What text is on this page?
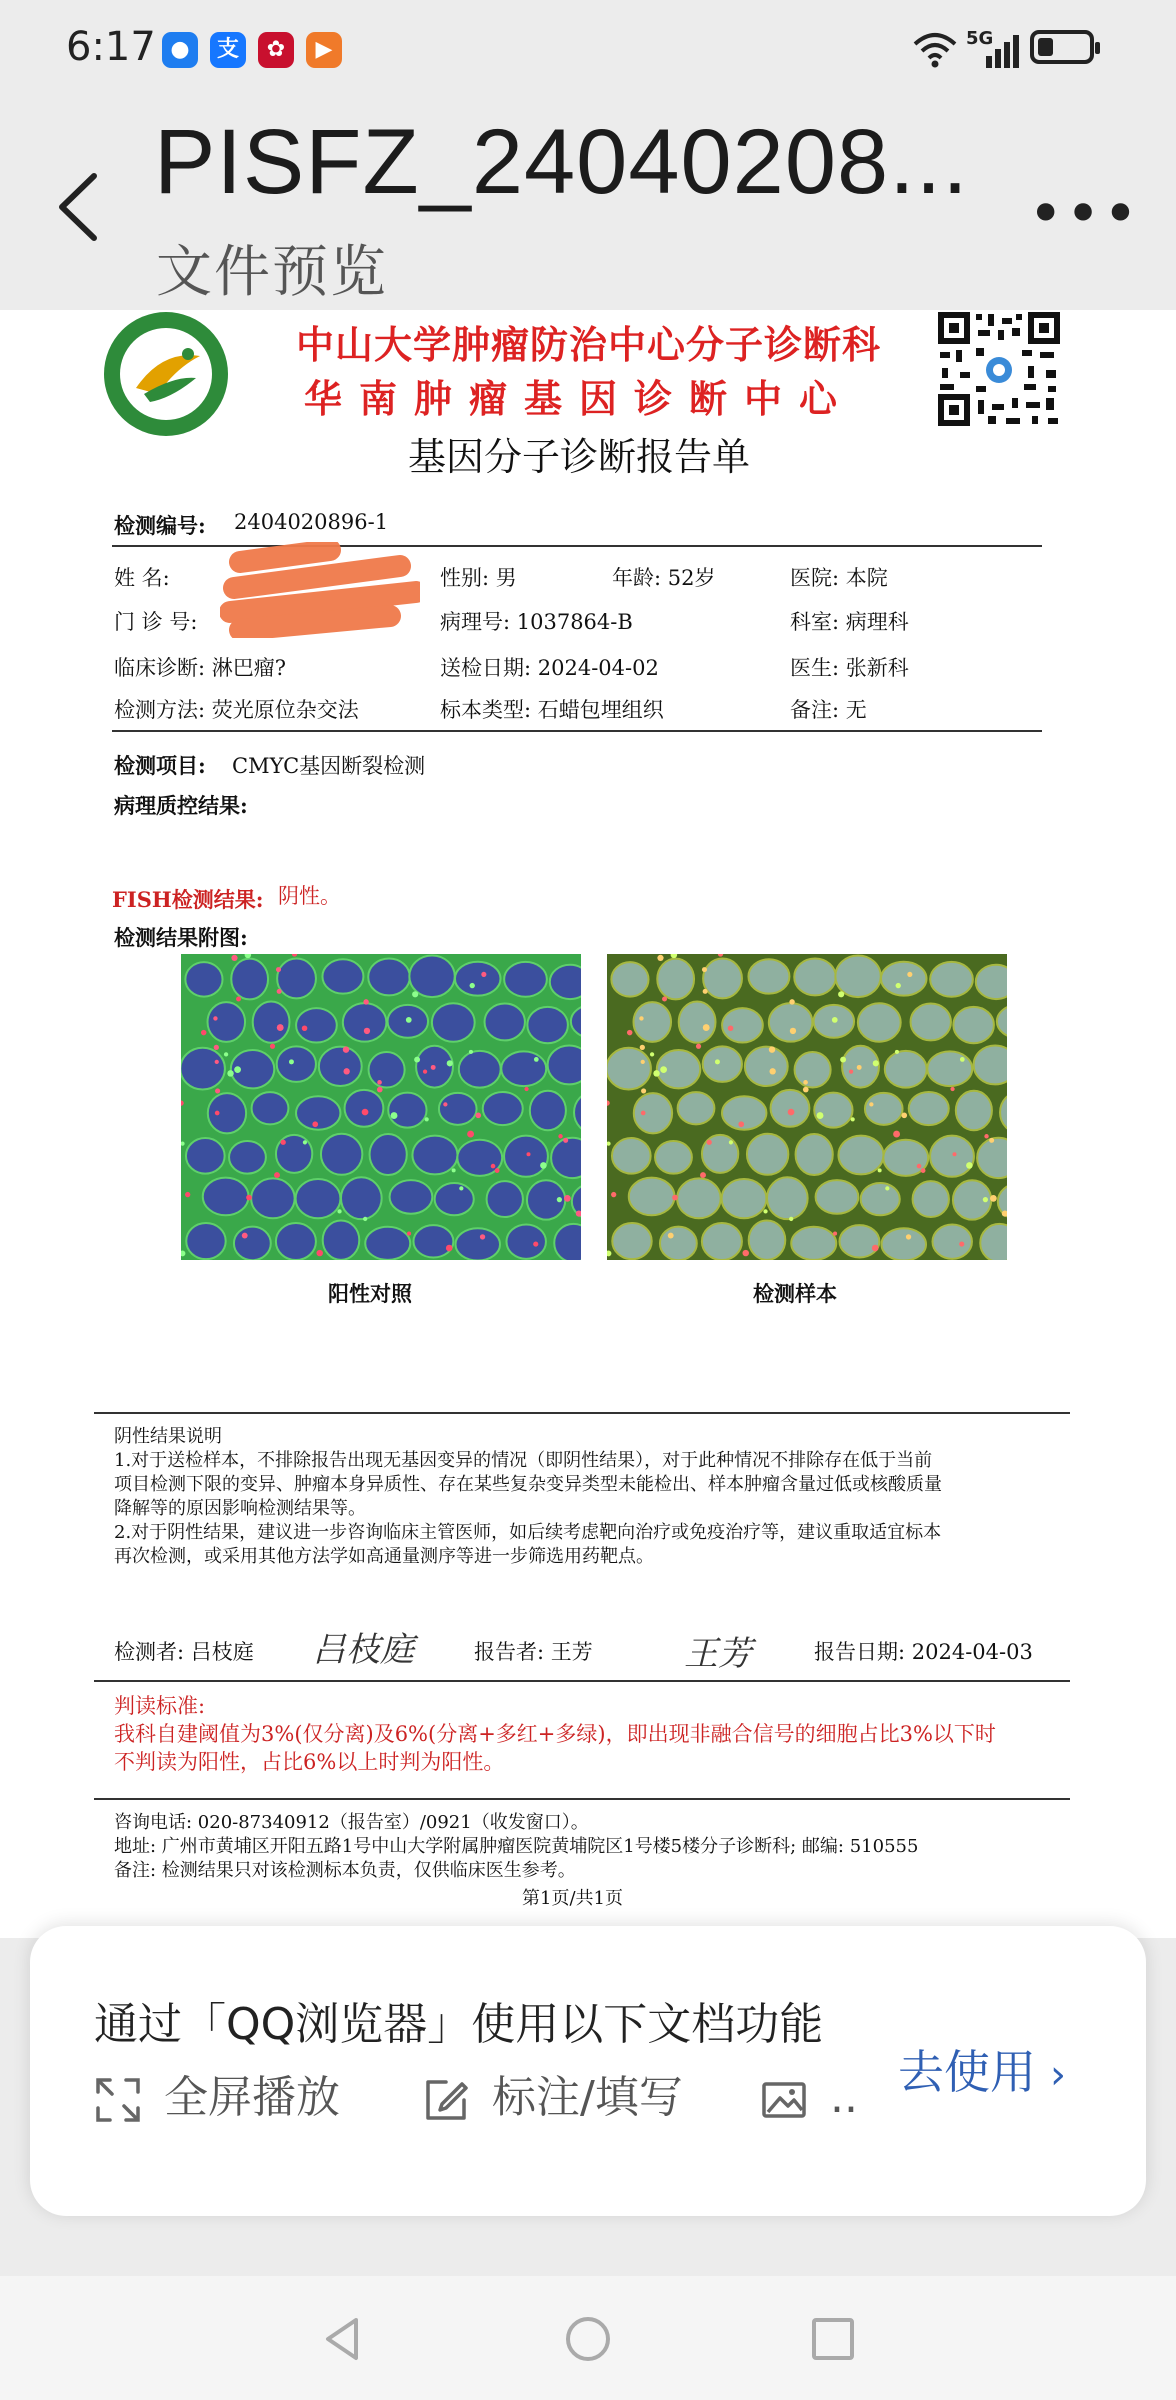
6:17 ●	支	✿	▶	5G
PISFZ_24040208...
文件预览
•••
中山大学肿瘤防治中心分子诊断科
华南肿瘤基因诊断中心
基因分子诊断报告单
检测编号: 2404020896-1
姓 名:	性别: 男	年龄: 52岁	医院: 本院
门 诊 号:	病理号: 1037864-B	科室: 病理科
临床诊断: 淋巴瘤?	送检日期: 2024-04-02	医生: 张新科
检测方法: 荧光原位杂交法	标本类型: 石蜡包埋组织	备注: 无
检测项目: CMYC基因断裂检测
病理质控结果:
FISH检测结果: 阴性。
检测结果附图:
阳性对照	检测样本
阴性结果说明
1.对于送检样本，不排除报告出现无基因变异的情况（即阴性结果），对于此种情况不排除存在低于当前
项目检测下限的变异、肿瘤本身异质性、存在某些复杂变异类型未能检出、样本肿瘤含量过低或核酸质量
降解等的原因影响检测结果等。
2.对于阴性结果，建议进一步咨询临床主管医师，如后续考虑靶向治疗或免疫治疗等，建议重取适宜标本
再次检测，或采用其他方法学如高通量测序等进一步筛选用药靶点。
检测者: 吕枝庭 吕枝庭	报告者: 王芳	王芳	报告日期: 2024-04-03
判读标准:
我科自建阈值为3%(仅分离)及6%(分离+多红+多绿)，即出现非融合信号的细胞占比3%以下时
不判读为阳性，占比6%以上时判为阳性。
咨询电话: 020-87340912（报告室）/0921（收发窗口）。
地址: 广州市黄埔区开阳五路1号中山大学附属肿瘤医院黄埔院区1号楼5楼分子诊断科; 邮编: 510555
备注: 检测结果只对该检测标本负责，仅供临床医生参考。
第1页/共1页
通过「QQ浏览器」使用以下文档功能
全屏播放	标注/填写	.. 去使用 ›
